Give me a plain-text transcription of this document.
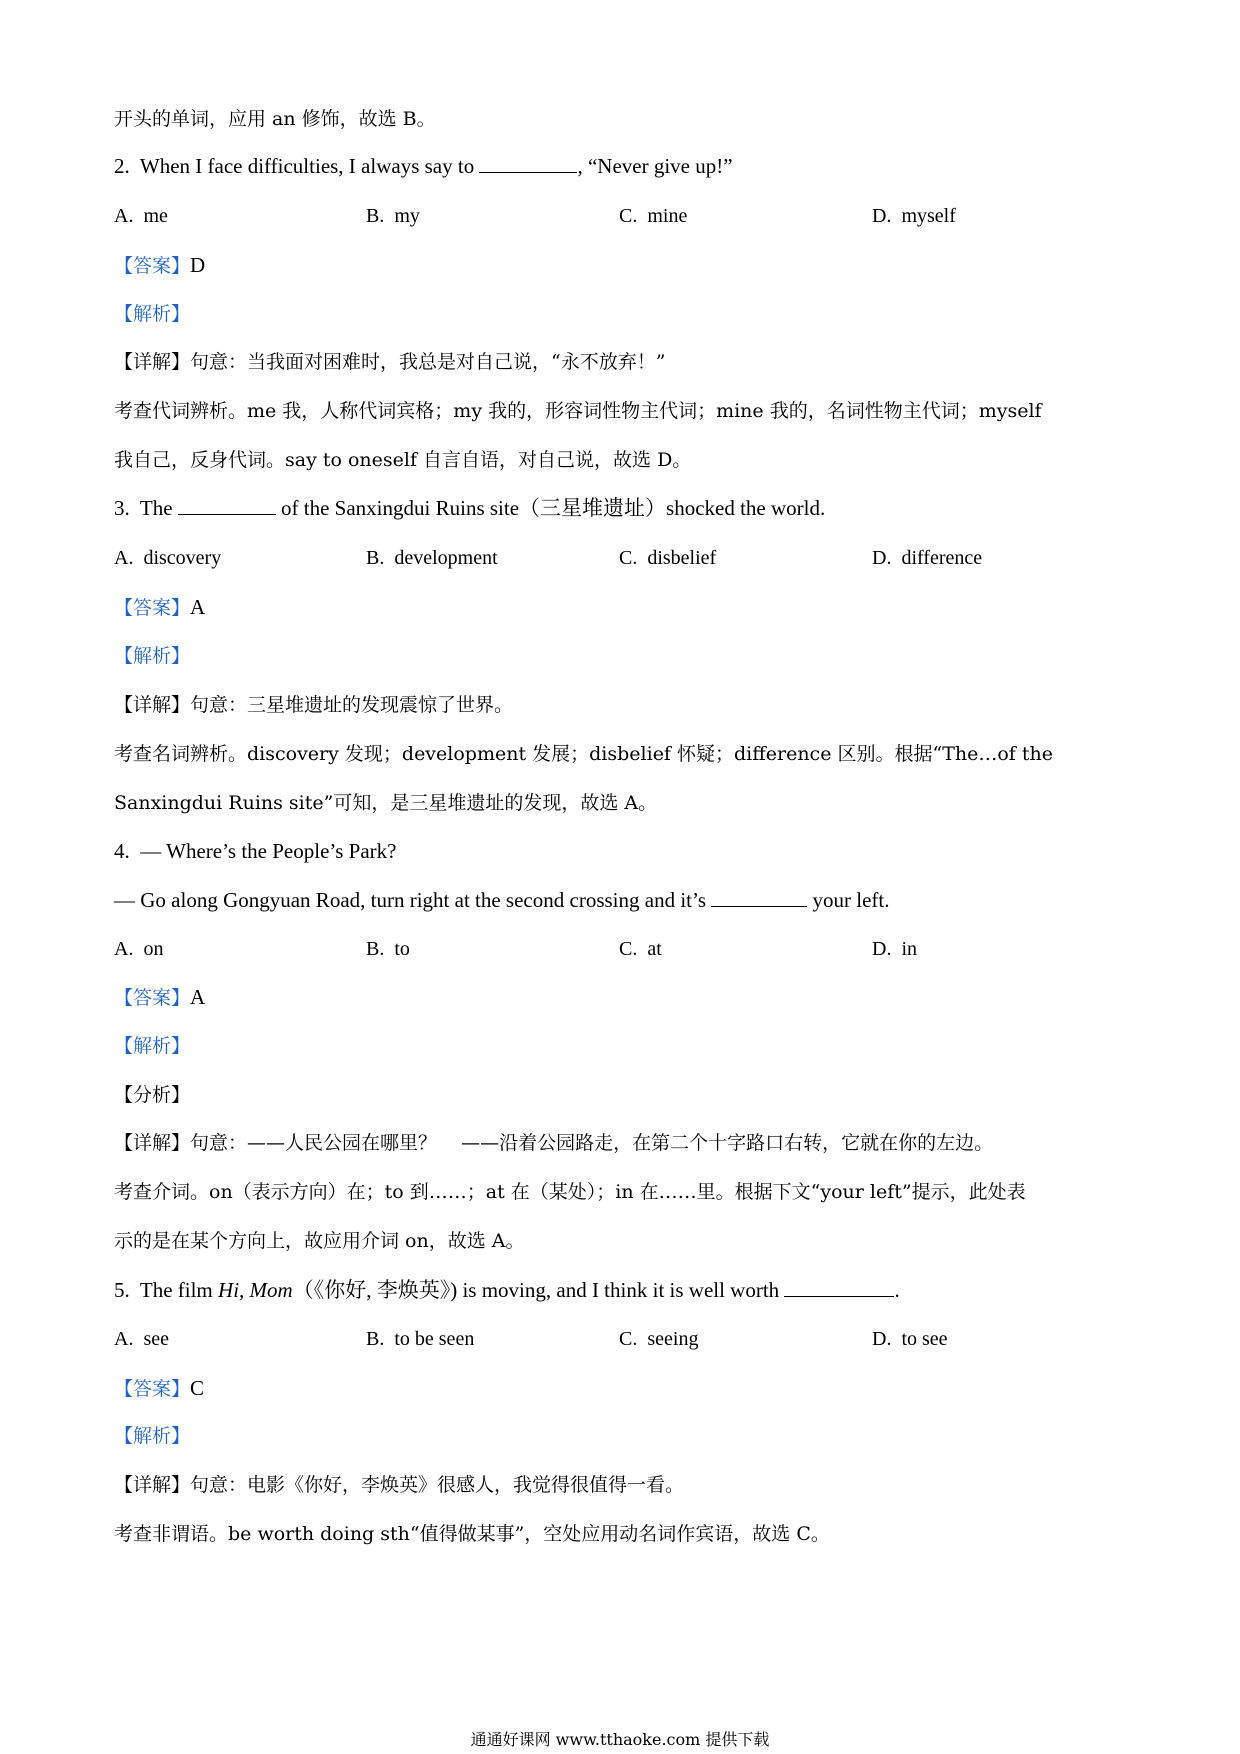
开头的单词，应用 an 修饰，故选 B。
2. When I face difficulties, I always say to	, “Never give up!”
A. me	B. my	C. mine	D. myself
【答案】D
【解析】
【详解】句意：当我面对困难时，我总是对自己说，“永不放弃！”
考查代词辨析。me 我，人称代词宾格；my 我的，形容词性物主代词；mine 我的，名词性物主代词；myself
我自己，反身代词。say to oneself 自言自语，对自己说，故选 D。
3. The	of the Sanxingdui Ruins site（三星堆遗址）shocked the world.
A. discovery	B. development	C. disbelief	D. difference
【答案】A
【解析】
【详解】句意：三星堆遗址的发现震惊了世界。
考查名词辨析。discovery 发现；development 发展；disbelief 怀疑；difference 区别。根据“The…of the
Sanxingdui Ruins site”可知，是三星堆遗址的发现，故选 A。
4. — Where’s the People’s Park?
— Go along Gongyuan Road, turn right at the second crossing and it’s	your left.
A. on	B. to	C. at	D. in
【答案】A
【解析】
【分析】
【详解】句意：——人民公园在哪里？    ——沿着公园路走，在第二个十字路口右转，它就在你的左边。
考查介词。on（表示方向）在；to 到……；at 在（某处）；in 在……里。根据下文“your left”提示，此处表
示的是在某个方向上，故应用介词 on，故选 A。
5. The film Hi, Mom（《你好, 李焕英》) is moving, and I think it is well worth	.
A. see	B. to be seen	C. seeing	D. to see
【答案】C
【解析】
【详解】句意：电影《你好，李焕英》很感人，我觉得很值得一看。
考查非谓语。be worth doing sth“值得做某事”，空处应用动名词作宾语，故选 C。
通通好课网 www.tthaoke.com 提供下载
